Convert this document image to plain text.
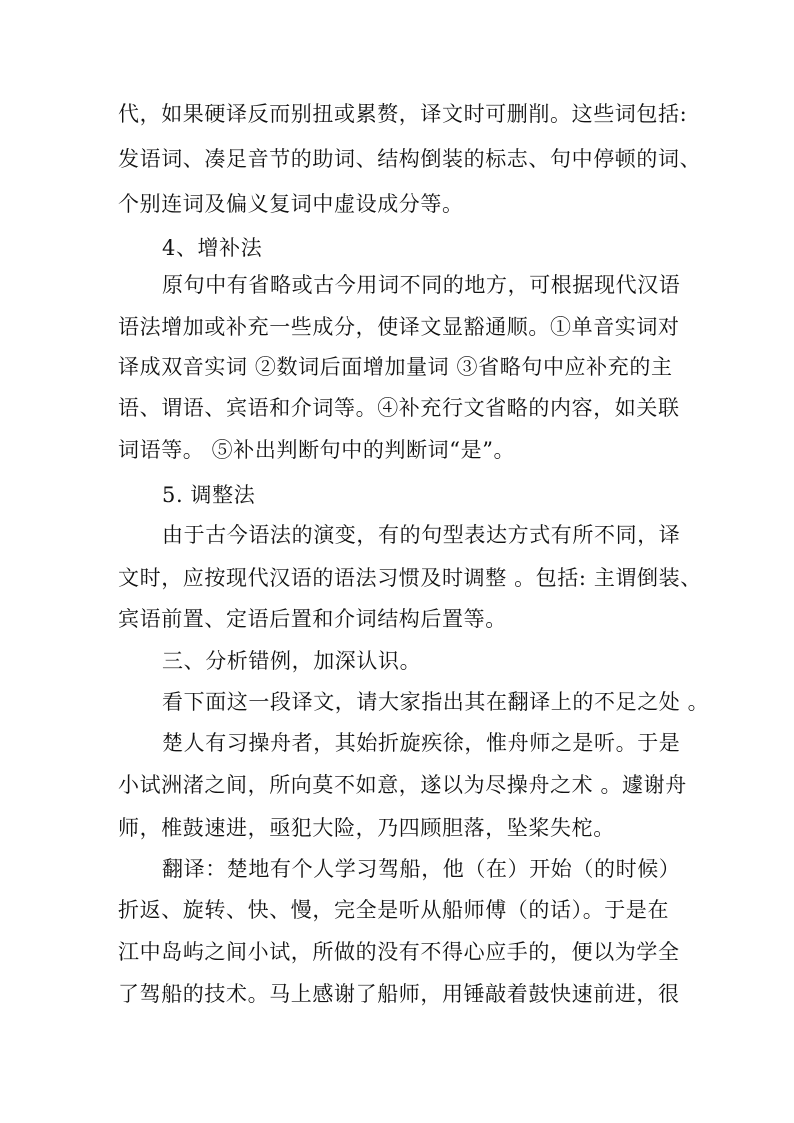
代，如果硬译反而别扭或累赘，译文时可删削。这些词包括:
发语词、凑足音节的助词、结构倒装的标志、句中停顿的词、
个别连词及偏义复词中虚设成分等。
4、增补法
原句中有省略或古今用词不同的地方，可根据现代汉语
语法增加或补充一些成分，使译文显豁通顺。①单音实词对
译成双音实词 ②数词后面增加量词 ③省略句中应补充的主
语、谓语、宾语和介词等。④补充行文省略的内容，如关联
词语等。 ⑤补出判断句中的判断词“是”。
5. 调整法
由于古今语法的演变，有的句型表达方式有所不同，译
文时，应按现代汉语的语法习惯及时调整 。包括: 主谓倒装、
宾语前置、定语后置和介词结构后置等。
三、分析错例，加深认识。
看下面这一段译文，请大家指出其在翻译上的不足之处 。
楚人有习操舟者，其始折旋疾徐，惟舟师之是听。于是
小试洲渚之间，所向莫不如意，遂以为尽操舟之术 。遽谢舟
师，椎鼓速进，亟犯大险，乃四顾胆落，坠桨失柁。
翻译：楚地有个人学习驾船，他（在）开始（的时候）
折返、旋转、快、慢，完全是听从船师傅（的话）。于是在
江中岛屿之间小试，所做的没有不得心应手的，便以为学全
了驾船的技术。马上感谢了船师，用锤敲着鼓快速前进，很
